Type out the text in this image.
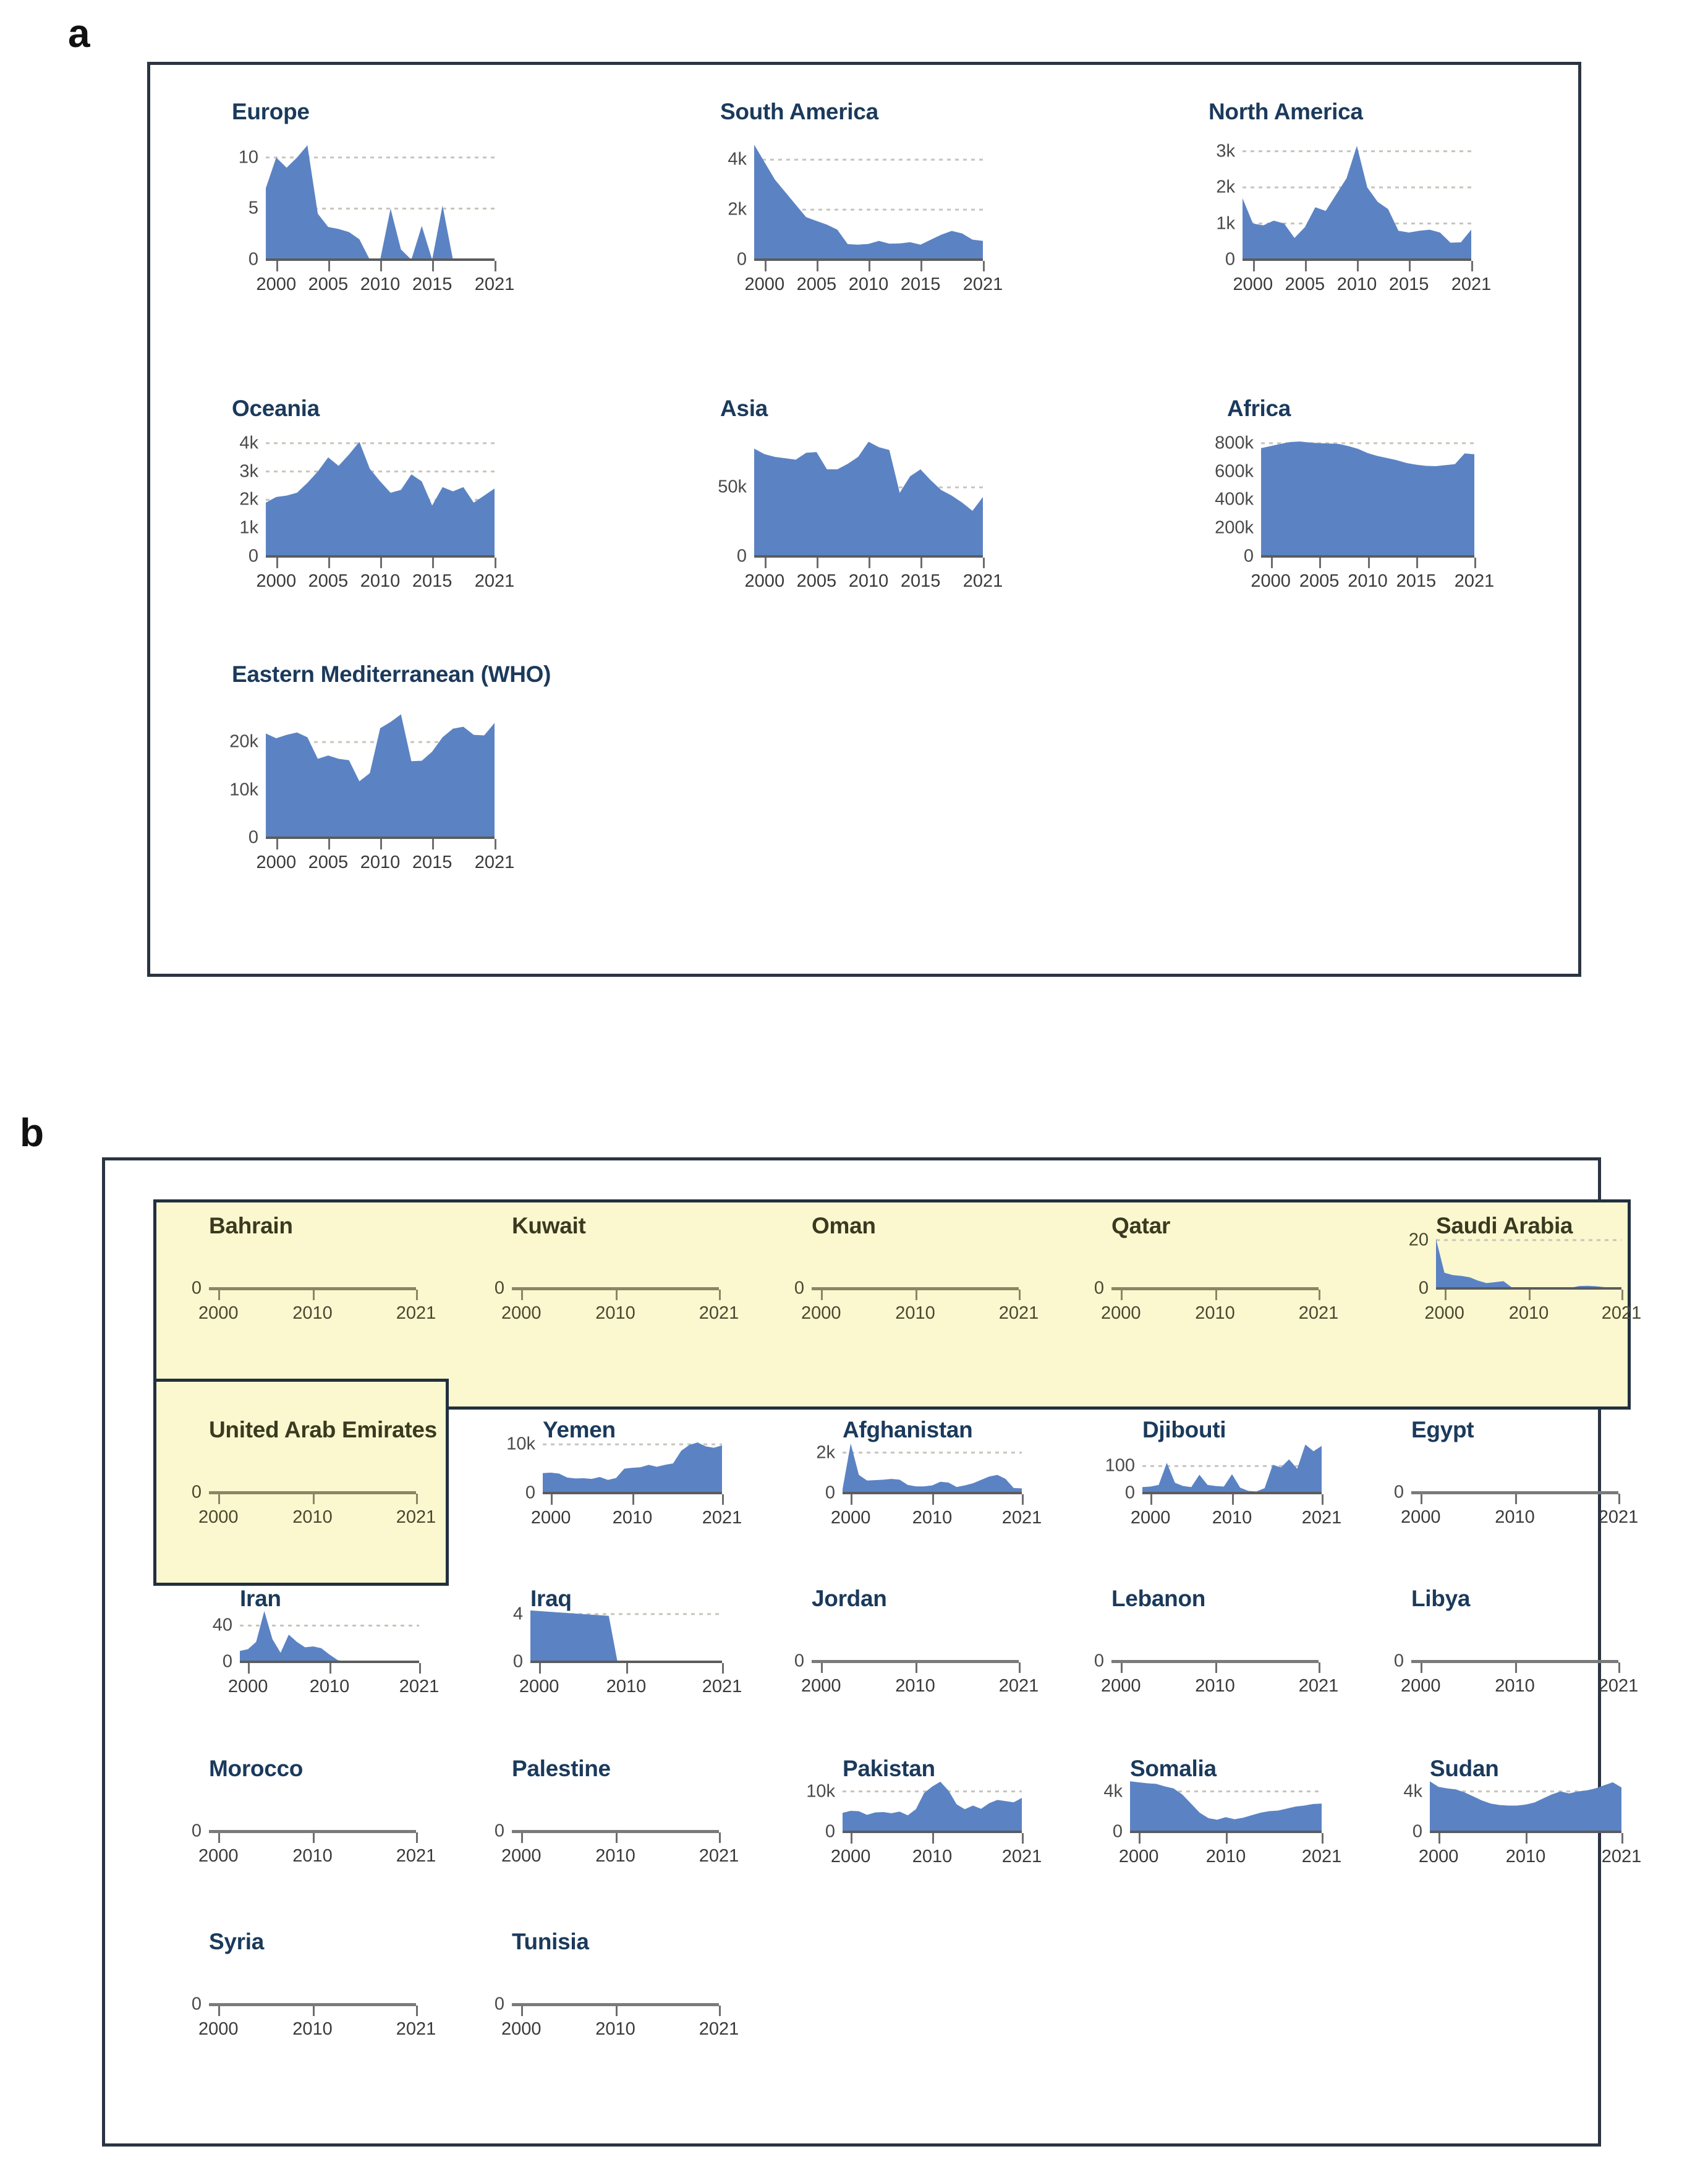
a
Europe
0
5
10
2000 2005 2010 2015 2021
South America
0
2k
4k
2000 2005 2010 2015 2021
North America
0
1k
2k
3k
2000 2005 2010 2015 2021
Oceania
0
1k
2k
3k
4k
2000 2005 2010 2015 2021
Asia
0
50k
2000 2005 2010 2015 2021
Africa
0
200k
400k
600k
800k
2000 2005 2010 2015 2021
Eastern Mediterranean (WHO)
0
10k
20k
2000 2005 2010 2015 2021
b
Bahrain
0
2000	2010	2021
Kuwait
0
2000	2010	2021
Oman
0
2000	2010	2021
Qatar
0
2000	2010	2021
Saudi Arabia
0
20
2000 2010	2021
United Arab Emirates
0
2000	2010	2021
Yemen
0
10k
2000 2010	2021
Afghanistan
0
2k
2000 2010	2021
Djibouti
0
100
2000 2010	2021
Egypt
0
2000	2010	2021
Iran
0
40
2000 2010	2021
Iraq
0
4
2000	2010	2021
Jordan
0
2000	2010	2021
Lebanon
0
2000	2010	2021
Libya
0
2000	2010	2021
Morocco
0
2000	2010	2021
Palestine
0
2000	2010	2021
Pakistan
0
10k
2000 2010	2021
Somalia
0
4k
2000	2010	2021
Sudan
0
4k
2000	2010	2021
Syria
0
2000	2010	2021
Tunisia
0
2000	2010	2021
